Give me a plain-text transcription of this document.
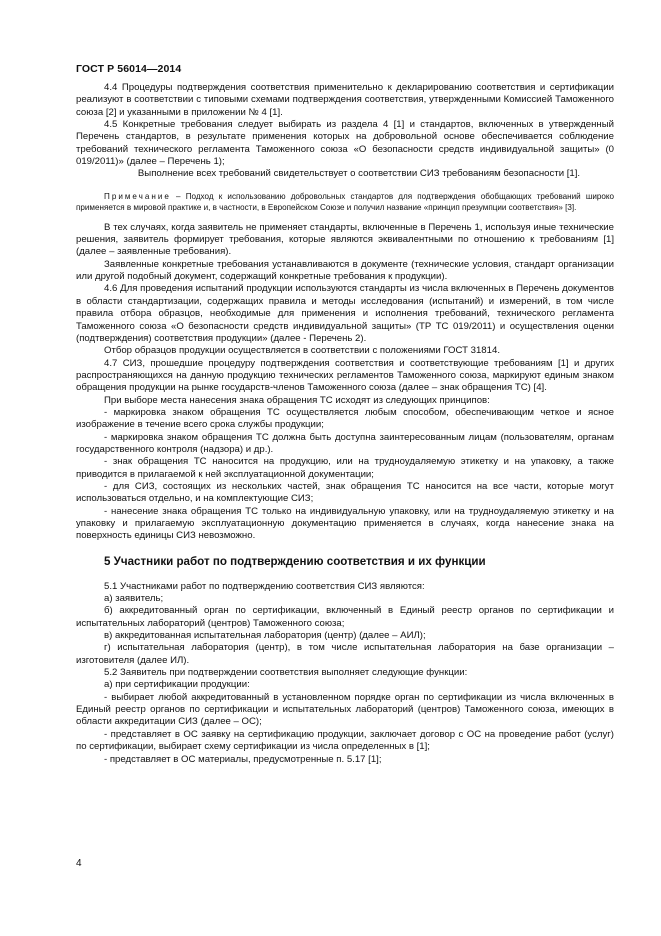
ГОСТ Р 56014—2014

4.4 Процедуры подтверждения соответствия применительно к декларированию соответствия и сертификации реализуют в соответствии с типовыми схемами подтверждения соответствия, утвержденными Комиссией Таможенного союза [2] и указанными в приложении № 4 [1].

4.5 Конкретные требования следует выбирать из раздела 4 [1] и стандартов, включенных в утвержденный Перечень стандартов, в результате применения которых на добровольной основе обеспечивается соблюдение требований технического регламента Таможенного союза «О безопасности средств индивидуальной защиты» (0 019/2011)» (далее – Перечень 1);

Выполнение всех требований свидетельствует о соответствии СИЗ требованиям безопасности [1].

Примечание – Подход к использованию добровольных стандартов для подтверждения обобщающих требований широко применяется в мировой практике и, в частности, в Европейском Союзе и получил название «принцип презумпции соответствия» [3].

В тех случаях, когда заявитель не применяет стандарты, включенные в Перечень 1, используя иные технические решения, заявитель формирует требования, которые являются эквивалентными по отношению к требованиям [1] (далее – заявленные требования).

Заявленные конкретные требования устанавливаются в документе (технические условия, стандарт организации или другой подобный документ, содержащий конкретные требования к продукции).

4.6 Для проведения испытаний продукции используются стандарты из числа включенных в Перечень документов в области стандартизации, содержащих правила и методы исследования (испытаний) и измерений, в том числе правила отбора образцов, необходимые для применения и исполнения требований, технического регламента Таможенного союза «О безопасности средств индивидуальной защиты» (ТР ТС 019/2011) и осуществления оценки (подтверждения) соответствия продукции» (далее - Перечень 2).

Отбор образцов продукции осуществляется в соответствии с положениями ГОСТ 31814.

4.7 СИЗ, прошедшие процедуру подтверждения соответствия и соответствующие требованиям [1] и других распространяющихся на данную продукцию технических регламентов Таможенного союза, маркируют единым знаком обращения продукции на рынке государств-членов Таможенного союза (далее – знак обращения ТС) [4].

При выборе места нанесения знака обращения ТС исходят из следующих принципов:

- маркировка знаком обращения ТС осуществляется любым способом, обеспечивающим четкое и ясное изображение в течение всего срока службы продукции;

- маркировка знаком обращения ТС должна быть доступна заинтересованным лицам (пользователям, органам государственного контроля (надзора) и др.).

- знак обращения ТС наносится на продукцию, или на трудноудаляемую этикетку и на упаковку, а также приводится в прилагаемой к ней эксплуатационной документации;

- для СИЗ, состоящих из нескольких частей, знак обращения ТС наносится на все части, которые могут использоваться отдельно, и на комплектующие СИЗ;

- нанесение знака обращения ТС только на индивидуальную упаковку, или на трудноудаляемую этикетку и на упаковку и прилагаемую эксплуатационную документацию применяется в случаях, когда нанесение знака на поверхность единицы СИЗ невозможно.

5 Участники работ по подтверждению соответствия и их функции

5.1 Участниками работ по подтверждению соответствия СИЗ являются:

а) заявитель;

б) аккредитованный орган по сертификации, включенный в Единый реестр органов по сертификации и испытательных лабораторий (центров) Таможенного союза;

в) аккредитованная испытательная лаборатория (центр) (далее – АИЛ);

г) испытательная лаборатория (центр), в том числе испытательная лаборатория на базе организации – изготовителя (далее ИЛ).

5.2 Заявитель при подтверждении соответствия выполняет следующие функции:

а) при сертификации продукции:

- выбирает любой аккредитованный в установленном порядке орган по сертификации из числа включенных в Единый реестр органов по сертификации и испытательных лабораторий (центров) Таможенного союза, имеющих в области аккредитации СИЗ (далее – ОС);

- представляет в ОС заявку на сертификацию продукции, заключает договор с ОС на проведение работ (услуг) по сертификации, выбирает схему сертификации из числа определенных в [1];

- представляет в ОС материалы, предусмотренные п. 5.17 [1];

4
